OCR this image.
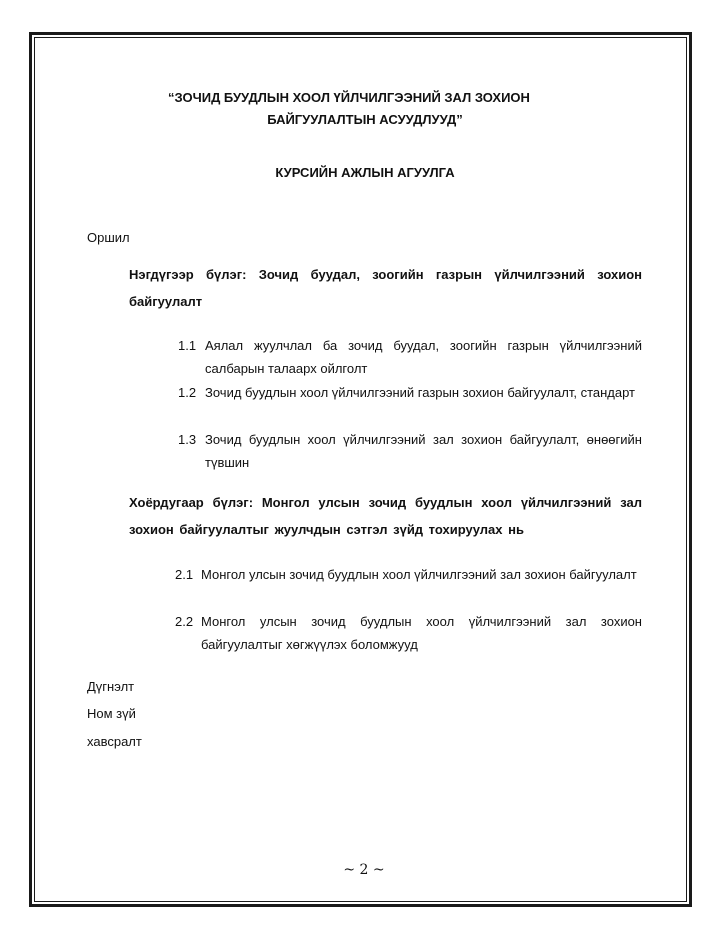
“ЗОЧИД БУУДЛЫН ХООЛ ҮЙЛЧИЛГЭЭНИЙ ЗАЛ ЗОХИОН
БАЙГУУЛАЛТЫН АСУУДЛУУД”
КУРСИЙН АЖЛЫН АГУУЛГА
Оршил
Нэгдүгээр бүлэг: Зочид буудал, зоогийн газрын үйлчилгээний зохион байгуулалт
1.1 Аялал жуулчлал ба зочид буудал, зоогийн газрын үйлчилгээний салбарын талаарх ойлголт
1.2 Зочид буудлын хоол үйлчилгээний газрын зохион байгуулалт, стандарт
1.3 Зочид буудлын хоол үйлчилгээний зал зохион байгуулалт, өнөөгийн түвшин
Хоёрдугаар бүлэг: Монгол улсын зочид буудлын хоол үйлчилгээний зал зохион байгуулалтыг жуулчдын сэтгэл зүйд тохируулах нь
2.1 Монгол улсын зочид буудлын хоол үйлчилгээний зал зохион байгуулалт
2.2 Монгол улсын зочид буудлын хоол үйлчилгээний зал зохион байгуулалтыг хөгжүүлэх боломжууд
Дүгнэлт
Ном зүй
хавсралт
~ 2 ~
